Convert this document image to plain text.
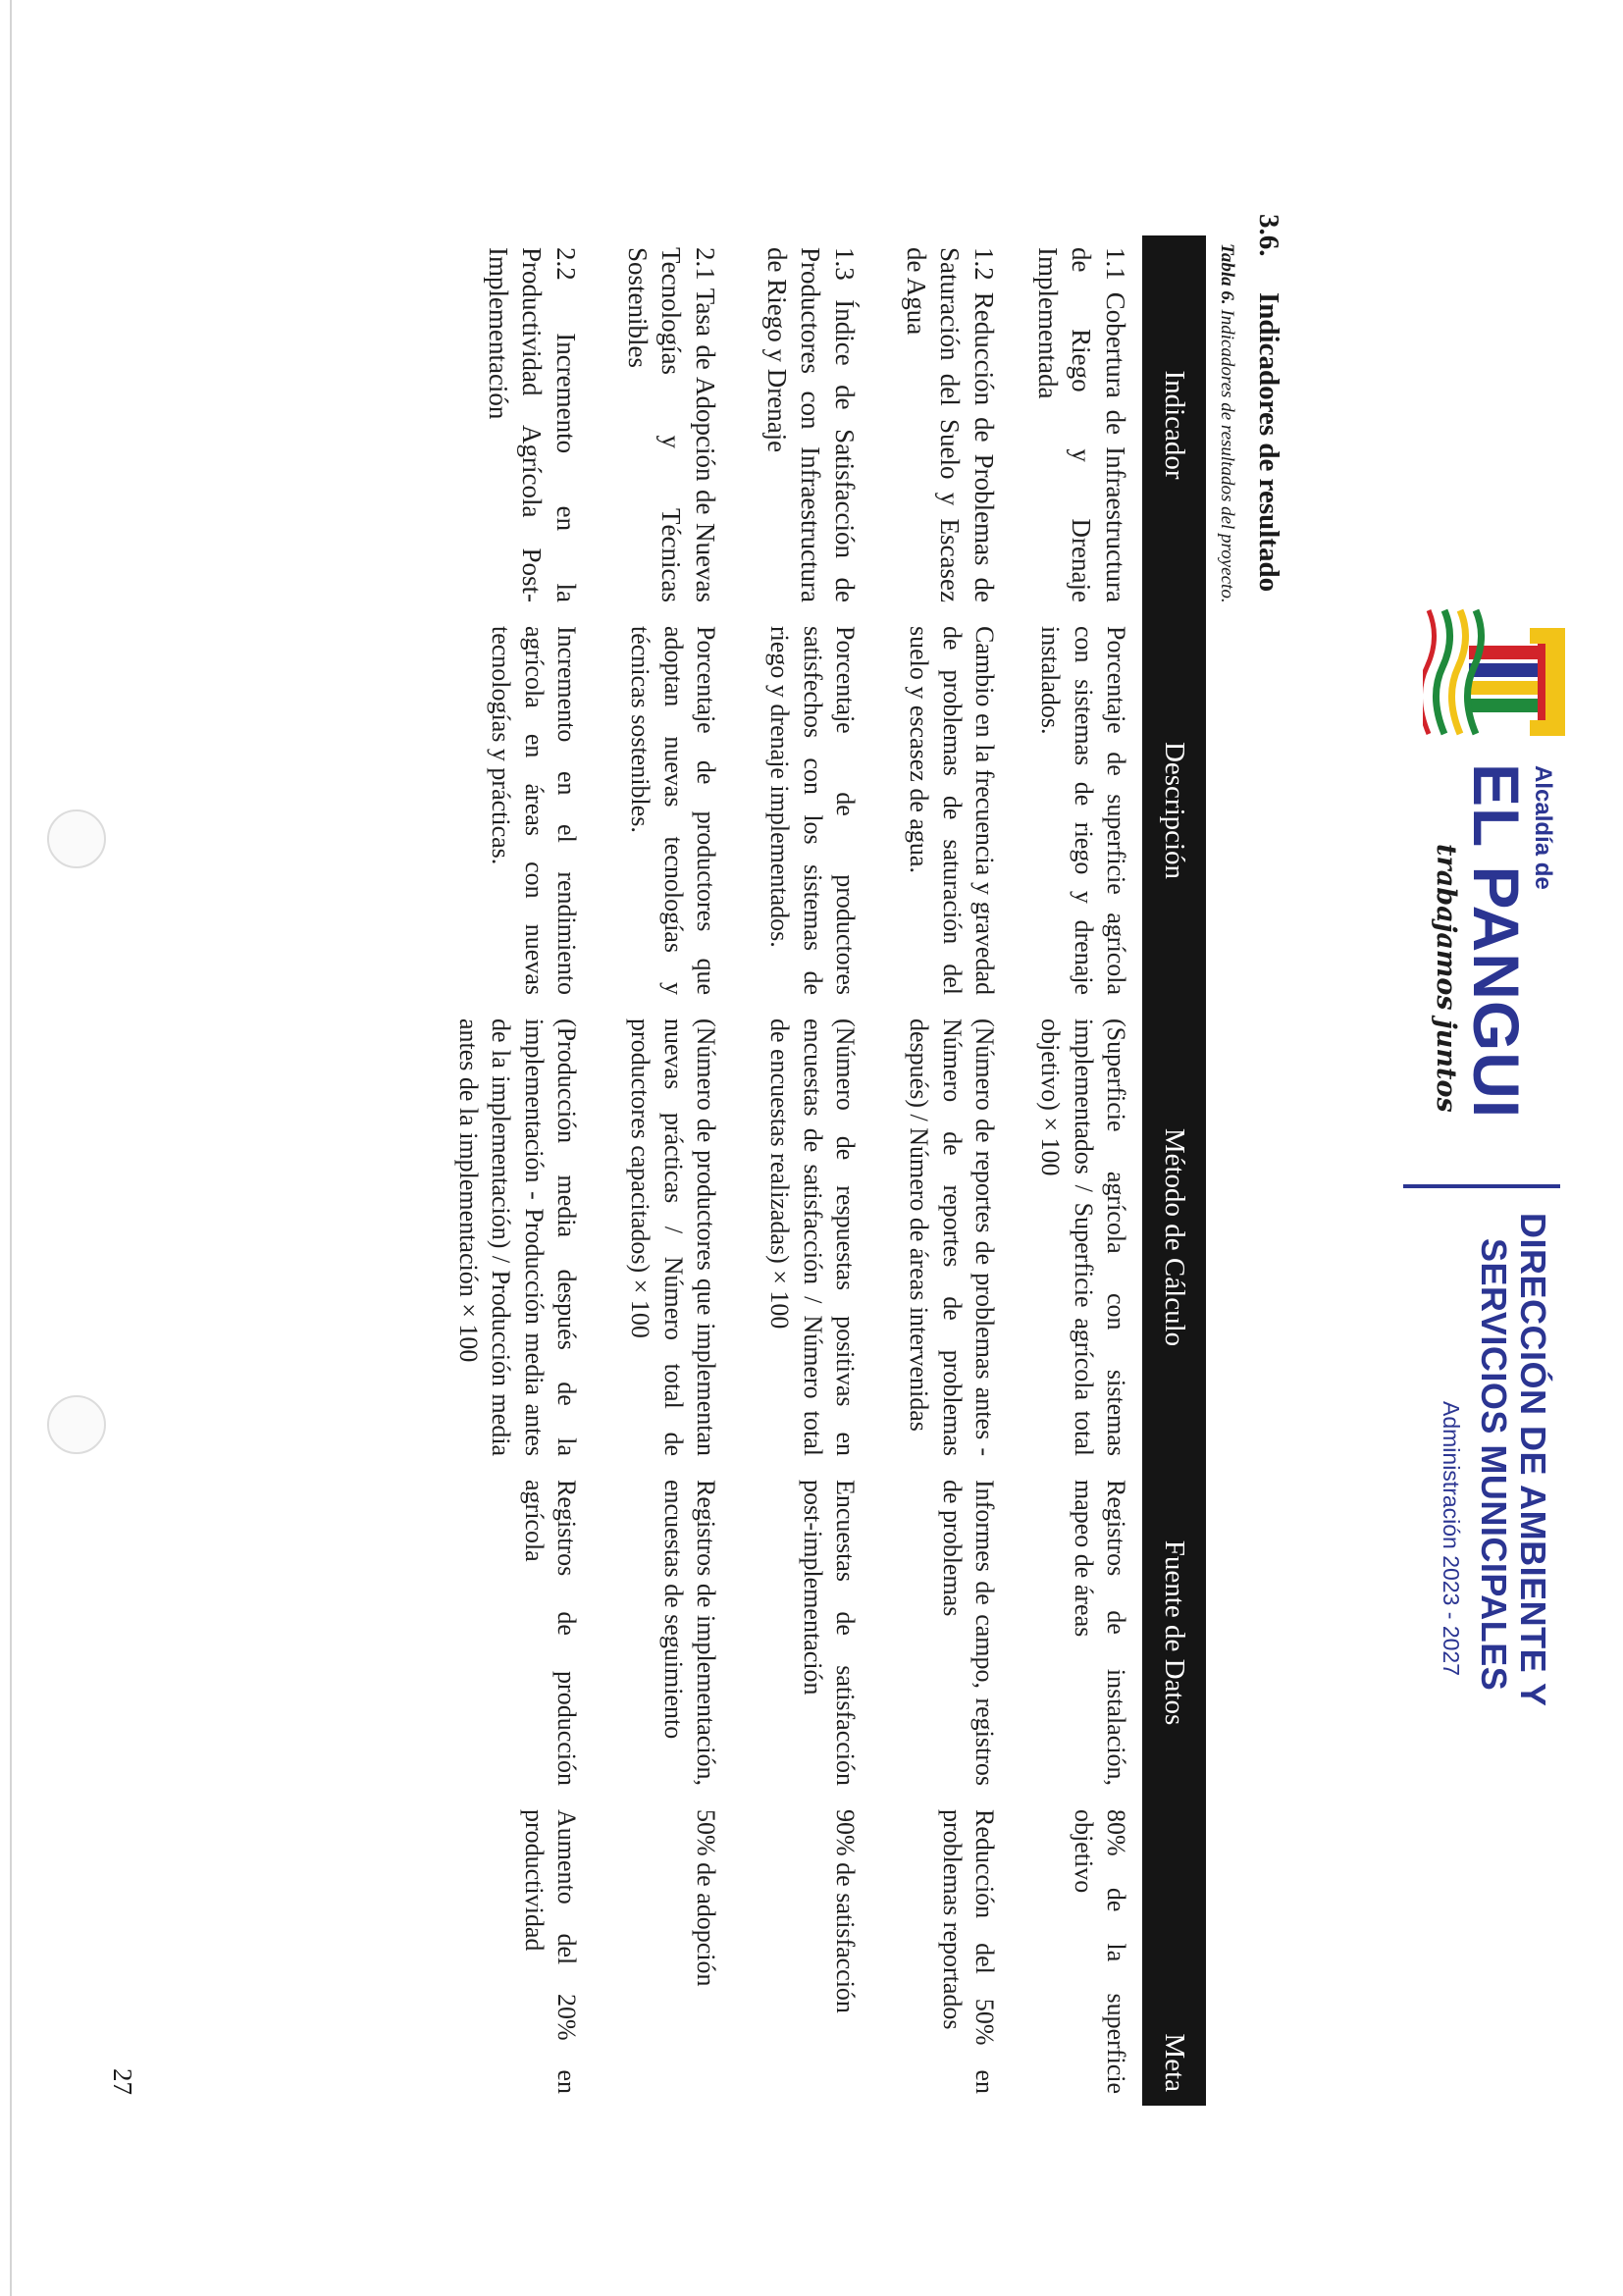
27
Alcaldía de
EL PANGUI
trabajamos juntos
DIRECCIÓN DE AMBIENTE Y
SERVICIOS MUNICIPALES
Administración 2023 - 2027
3.6.
Indicadores de resultado
Tabla 6. Indicadores de resultados del proyecto.
Indicador	Descripción	Método de Cálculo	Fuente de Datos	Meta
1.1 Cobertura de Infraestructura de Riego y Drenaje Implementada	Porcentaje de superficie agrícola con sistemas de riego y drenaje instalados.	(Superficie agrícola con sistemas implementados / Superficie agrícola total objetivo) × 100	Registros de instalación, mapeo de áreas	80% de la superficie objetivo
1.2 Reducción de Problemas de Saturación del Suelo y Escasez de Agua	Cambio en la frecuencia y gravedad de problemas de saturación del suelo y escasez de agua.	(Número de reportes de problemas antes - Número de reportes de problemas después) / Número de áreas intervenidas	Informes de campo, registros de problemas	Reducción del 50% en problemas reportados
1.3 Índice de Satisfacción de Productores con Infraestructura de Riego y Drenaje	Porcentaje de productores satisfechos con los sistemas de riego y drenaje implementados.	(Número de respuestas positivas en encuestas de satisfacción / Número total de encuestas realizadas) × 100	Encuestas de satisfacción post-implementación	90% de satisfacción
2.1 Tasa de Adopción de Nuevas Tecnologías y Técnicas Sostenibles	Porcentaje de productores que adoptan nuevas tecnologías y técnicas sostenibles.	(Número de productores que implementan nuevas prácticas / Número total de productores capacitados) × 100	Registros de implementación, encuestas de seguimiento	50% de adopción
2.2 Incremento en la Productividad Agrícola Post-Implementación	Incremento en el rendimiento agrícola en áreas con nuevas tecnologías y prácticas.	(Producción media después de la implementación - Producción media antes de la implementación) / Producción media antes de la implementación × 100	Registros de producción agrícola	Aumento del 20% en productividad
